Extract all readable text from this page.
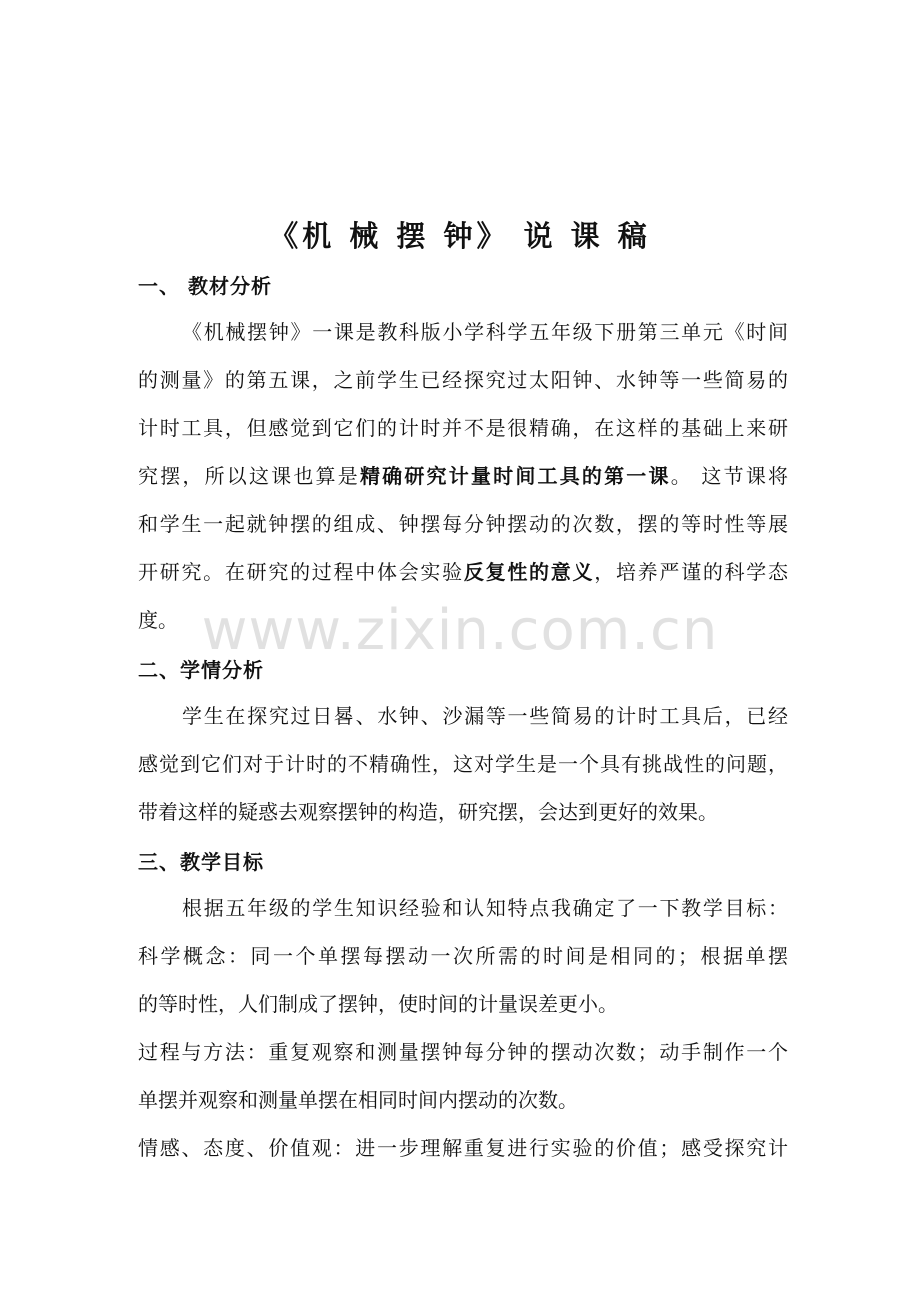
www.zixin.com.cn
《机 械 摆 钟》 说 课 稿
一、 教材分析
《机械摆钟》一课是教科版小学科学五年级下册第三单元《时间
的测量》的第五课，之前学生已经探究过太阳钟、水钟等一些简易的
计时工具，但感觉到它们的计时并不是很精确，在这样的基础上来研
究摆，所以这课也算是精确研究计量时间工具的第一课。 这节课将
和学生一起就钟摆的组成、钟摆每分钟摆动的次数，摆的等时性等展
开研究。在研究的过程中体会实验反复性的意义，培养严谨的科学态
度。
二、学情分析
学生在探究过日晷、水钟、沙漏等一些简易的计时工具后，已经
感觉到它们对于计时的不精确性，这对学生是一个具有挑战性的问题，
带着这样的疑惑去观察摆钟的构造，研究摆，会达到更好的效果。
三、教学目标
根据五年级的学生知识经验和认知特点我确定了一下教学目标：
科学概念：同一个单摆每摆动一次所需的时间是相同的；根据单摆
的等时性，人们制成了摆钟，使时间的计量误差更小。
过程与方法：重复观察和测量摆钟每分钟的摆动次数；动手制作一个
单摆并观察和测量单摆在相同时间内摆动的次数。
情感、态度、价值观：进一步理解重复进行实验的价值；感受探究计
